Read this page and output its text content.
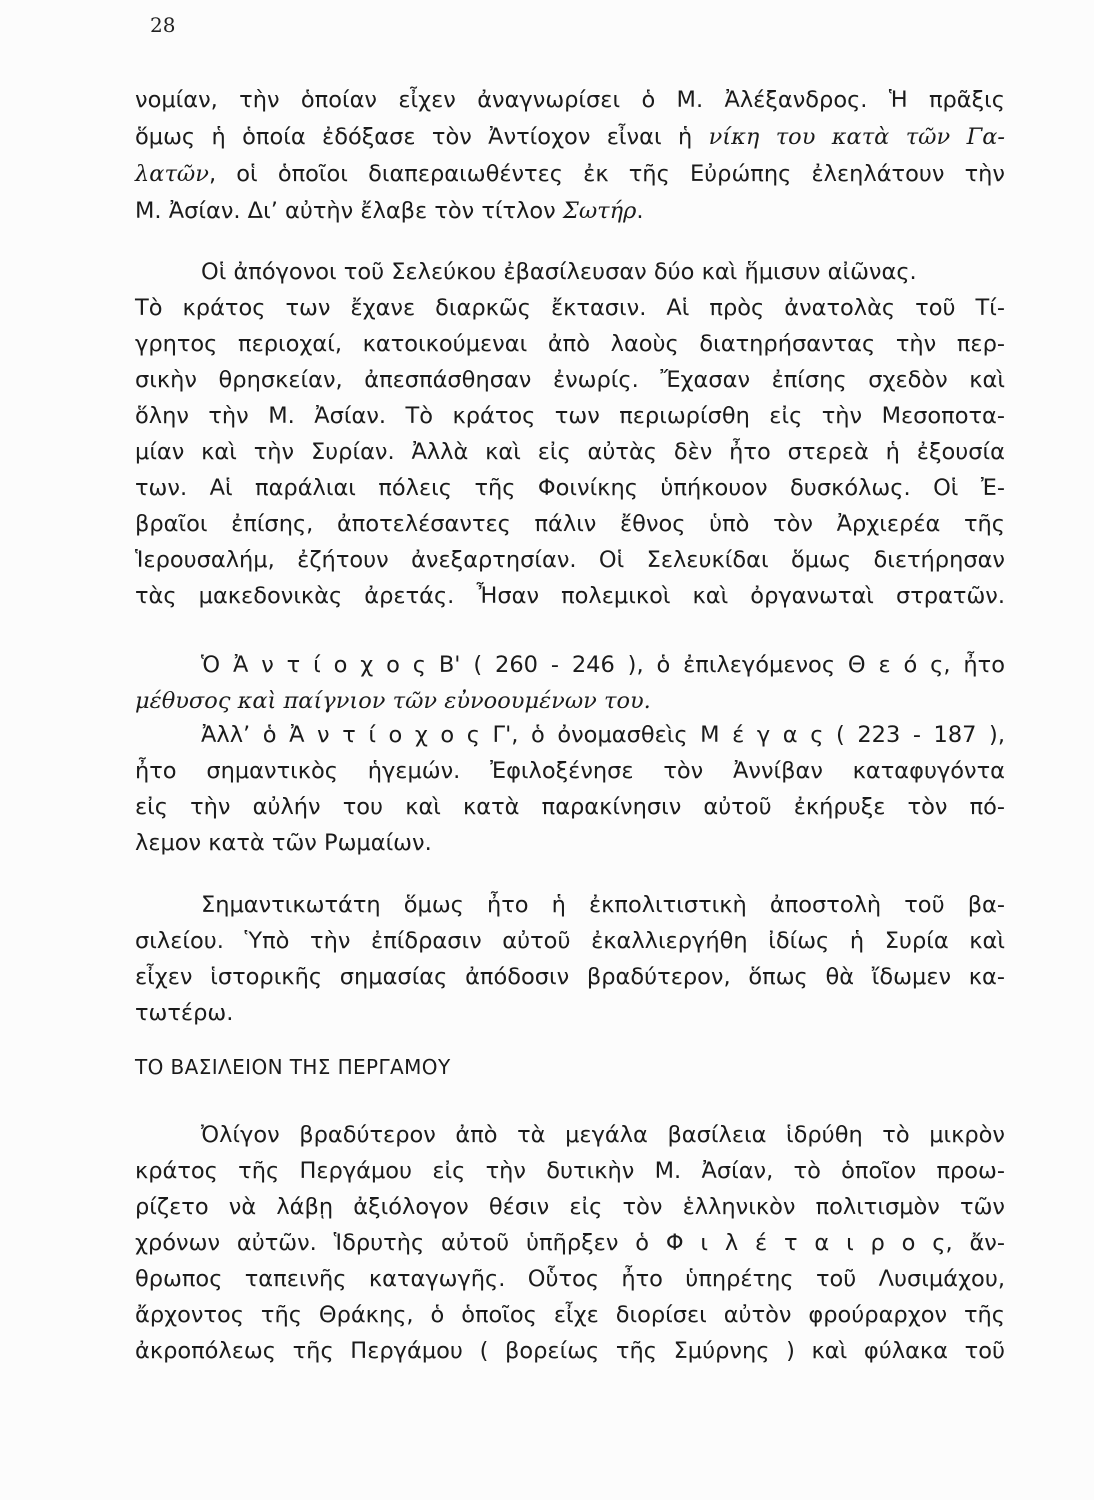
28
νομίαν, τὴν ὁποίαν εἶχεν ἀναγνωρίσει ὁ Μ. Ἀλέξανδρος. Ἡ πρᾶξις
ὅμως ἡ ὁποία ἐδόξασε τὸν Ἀντίοχον εἶναι ἡ νίκη του κατὰ τῶν Γα-
λατῶν, οἱ ὁποῖοι διαπεραιωθέντες ἐκ τῆς Εὐρώπης ἐλεηλάτουν τὴν
Μ. Ἀσίαν. Δι’ αὐτὴν ἔλαβε τὸν τίτλον Σωτήρ.
Οἱ ἀπόγονοι τοῦ Σελεύκου ἐβασίλευσαν δύο καὶ ἥμισυν αἰῶνας.
Τὸ κράτος των ἔχανε διαρκῶς ἔκτασιν. Αἱ πρὸς ἀνατολὰς τοῦ Τί-
γρητος περιοχαί, κατοικούμεναι ἀπὸ λαοὺς διατηρήσαντας τὴν περ-
σικὴν θρησκείαν, ἀπεσπάσθησαν ἐνωρίς. Ἔχασαν ἐπίσης σχεδὸν καὶ
ὅλην τὴν Μ. Ἀσίαν. Τὸ κράτος των περιωρίσθη εἰς τὴν Μεσοποτα-
μίαν καὶ τὴν Συρίαν. Ἀλλὰ καὶ εἰς αὐτὰς δὲν ἦτο στερεὰ ἡ ἐξουσία
των. Αἱ παράλιαι πόλεις τῆς Φοινίκης ὑπήκουον δυσκόλως. Οἱ Ἐ-
βραῖοι ἐπίσης, ἀποτελέσαντες πάλιν ἔθνος ὑπὸ τὸν Ἀρχιερέα τῆς
Ἱερουσαλήμ, ἐζήτουν ἀνεξαρτησίαν. Οἱ Σελευκίδαι ὅμως διετήρησαν
τὰς μακεδονικὰς ἀρετάς. Ἦσαν πολεμικοὶ καὶ ὀργανωταὶ στρατῶν.
Ὁ Ἀ ν τ ί ο χ ο ς Β' ( 260 - 246 ), ὁ ἐπιλεγόμενος Θ ε ό ς, ἦτο
μέθυσος καὶ παίγνιον τῶν εὐνοουμένων του.
Ἀλλ’ ὁ Ἀ ν τ ί ο χ ο ς Γ', ὁ ὀνομασθεὶς Μ έ γ α ς ( 223 - 187 ),
ἦτο σημαντικὸς ἡγεμών. Ἐφιλοξένησε τὸν Ἀννίβαν καταφυγόντα
εἰς τὴν αὐλήν του καὶ κατὰ παρακίνησιν αὐτοῦ ἐκήρυξε τὸν πό-
λεμον κατὰ τῶν Ρωμαίων.
Σημαντικωτάτη ὅμως ἦτο ἡ ἐκπολιτιστικὴ ἀποστολὴ τοῦ βα-
σιλείου. Ὑπὸ τὴν ἐπίδρασιν αὐτοῦ ἐκαλλιεργήθη ἰδίως ἡ Συρία καὶ
εἶχεν ἱστορικῆς σημασίας ἀπόδοσιν βραδύτερον, ὅπως θὰ ἴδωμεν κα-
τωτέρω.
ΤΟ ΒΑΣΙΛΕΙΟΝ ΤΗΣ ΠΕΡΓΑΜΟΥ
Ὀλίγον βραδύτερον ἀπὸ τὰ μεγάλα βασίλεια ἱδρύθη τὸ μικρὸν
κράτος τῆς Περγάμου εἰς τὴν δυτικὴν Μ. Ἀσίαν, τὸ ὁποῖον προω-
ρίζετο νὰ λάβῃ ἀξιόλογον θέσιν εἰς τὸν ἑλληνικὸν πολιτισμὸν τῶν
χρόνων αὐτῶν. Ἱδρυτὴς αὐτοῦ ὑπῆρξεν ὁ Φ ι λ έ τ α ι ρ ο ς, ἄν-
θρωπος ταπεινῆς καταγωγῆς. Οὗτος ἦτο ὑπηρέτης τοῦ Λυσιμάχου,
ἄρχοντος τῆς Θράκης, ὁ ὁποῖος εἶχε διορίσει αὐτὸν φρούραρχον τῆς
ἀκροπόλεως τῆς Περγάμου ( βορείως τῆς Σμύρνης ) καὶ φύλακα τοῦ
